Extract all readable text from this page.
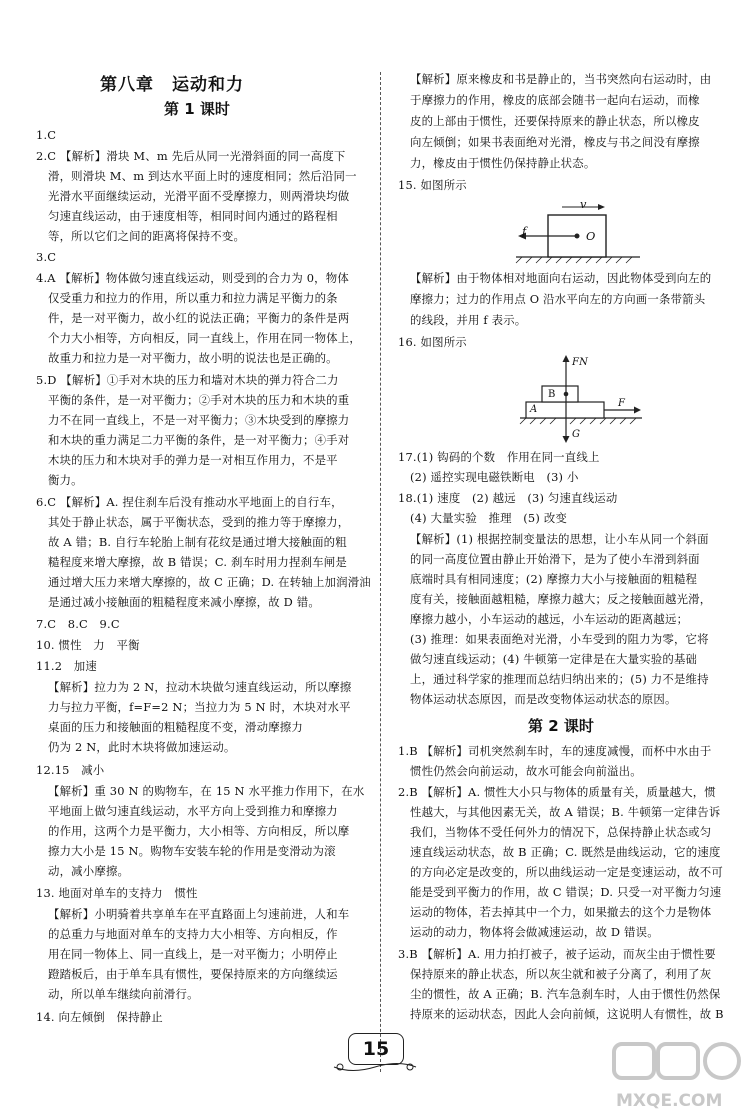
第八章　运动和力
第 1 课时
1.C
2.C 【解析】滑块 M、m 先后从同一光滑斜面的同一高度下
滑，则滑块 M、m 到达水平面上时的速度相同；然后沿同一
光滑水平面继续运动，光滑平面不受摩擦力，则两滑块均做
匀速直线运动，由于速度相等，相同时间内通过的路程相
等，所以它们之间的距离将保持不变。
3.C
4.A 【解析】物体做匀速直线运动，则受到的合力为 0，物体
仅受重力和拉力的作用，所以重力和拉力满足平衡力的条
件，是一对平衡力，故小红的说法正确；平衡力的条件是两
个力大小相等，方向相反，同一直线上，作用在同一物体上，
故重力和拉力是一对平衡力，故小明的说法也是正确的。
5.D 【解析】①手对木块的压力和墙对木块的弹力符合二力
平衡的条件，是一对平衡力；②手对木块的压力和木块的重
力不在同一直线上，不是一对平衡力；③木块受到的摩擦力
和木块的重力满足二力平衡的条件，是一对平衡力；④手对
木块的压力和木块对手的弹力是一对相互作用力，不是平
衡力。
6.C 【解析】A. 捏住刹车后没有推动水平地面上的自行车，
其处于静止状态，属于平衡状态，受到的推力等于摩擦力，
故 A 错；B. 自行车轮胎上制有花纹是通过增大接触面的粗
糙程度来增大摩擦，故 B 错误；C. 刹车时用力捏刹车闸是
通过增大压力来增大摩擦的，故 C 正确；D. 在转轴上加润滑油
是通过减小接触面的粗糙程度来减小摩擦，故 D 错。
7.C　8.C　9.C
10. 惯性　力　平衡
11.2　加速
【解析】拉力为 2 N，拉动木块做匀速直线运动，所以摩擦
力与拉力平衡，f=F=2 N；当拉力为 5 N 时，木块对水平
桌面的压力和接触面的粗糙程度不变，滑动摩擦力
仍为 2 N，此时木块将做加速运动。
12.15　减小
【解析】重 30 N 的购物车，在 15 N 水平推力作用下，在水
平地面上做匀速直线运动，水平方向上受到推力和摩擦力
的作用，这两个力是平衡力，大小相等、方向相反，所以摩
擦力大小是 15 N。购物车安装车轮的作用是变滑动为滚
动，减小摩擦。
13. 地面对单车的支持力　惯性
【解析】小明骑着共享单车在平直路面上匀速前进，人和车
的总重力与地面对单车的支持力大小相等、方向相反，作
用在同一物体上、同一直线上，是一对平衡力；小明停止
蹬踏板后，由于单车具有惯性，要保持原来的方向继续运
动，所以单车继续向前滑行。
14. 向左倾倒　保持静止
【解析】原来橡皮和书是静止的，当书突然向右运动时，由
于摩擦力的作用，橡皮的底部会随书一起向右运动，而橡
皮的上部由于惯性，还要保持原来的静止状态，所以橡皮
向左倾倒；如果书表面绝对光滑，橡皮与书之间没有摩擦
力，橡皮由于惯性仍保持静止状态。
15. 如图所示
v
f	O
【解析】由于物体相对地面向右运动，因此物体受到向左的
摩擦力；过力的作用点 O 沿水平向左的方向画一条带箭头
的线段，并用 f 表示。
16. 如图所示
FN
B
A
F
G
17.(1) 钩码的个数　作用在同一直线上
(2) 遥控实现电磁铁断电　(3) 小
18.(1) 速度　(2) 越远　(3) 匀速直线运动
(4) 大量实验　推理　(5) 改变
【解析】(1) 根据控制变量法的思想，让小车从同一个斜面
的同一高度位置由静止开始滑下，是为了使小车滑到斜面
底端时具有相同速度；(2) 摩擦力大小与接触面的粗糙程
度有关，接触面越粗糙，摩擦力越大；反之接触面越光滑，
摩擦力越小，小车运动的越远，小车运动的距离越远；
(3) 推理：如果表面绝对光滑，小车受到的阻力为零，它将
做匀速直线运动；(4) 牛顿第一定律是在大量实验的基础
上，通过科学家的推理而总结归纳出来的；(5) 力不是维持
物体运动状态原因，而是改变物体运动状态的原因。
第 2 课时
1.B 【解析】司机突然刹车时，车的速度减慢，而杯中水由于
惯性仍然会向前运动，故水可能会向前溢出。
2.B 【解析】A. 惯性大小只与物体的质量有关，质量越大，惯
性越大，与其他因素无关，故 A 错误；B. 牛顿第一定律告诉
我们，当物体不受任何外力的情况下，总保持静止状态或匀
速直线运动状态，故 B 正确；C. 既然是曲线运动，它的速度
的方向必定是改变的，所以曲线运动一定是变速运动，故不可
能是受到平衡力的作用，故 C 错误；D. 只受一对平衡力匀速
运动的物体，若去掉其中一个力，如果撤去的这个力是物体
运动的动力，物体将会做减速运动，故 D 错误。
3.B 【解析】A. 用力拍打被子，被子运动，而灰尘由于惯性要
保持原来的静止状态，所以灰尘就和被子分离了，利用了灰
尘的惯性，故 A 正确；B. 汽车急刹车时，人由于惯性仍然保
持原来的运动状态，因此人会向前倾，这说明人有惯性，故 B
15
MXQE.COM
